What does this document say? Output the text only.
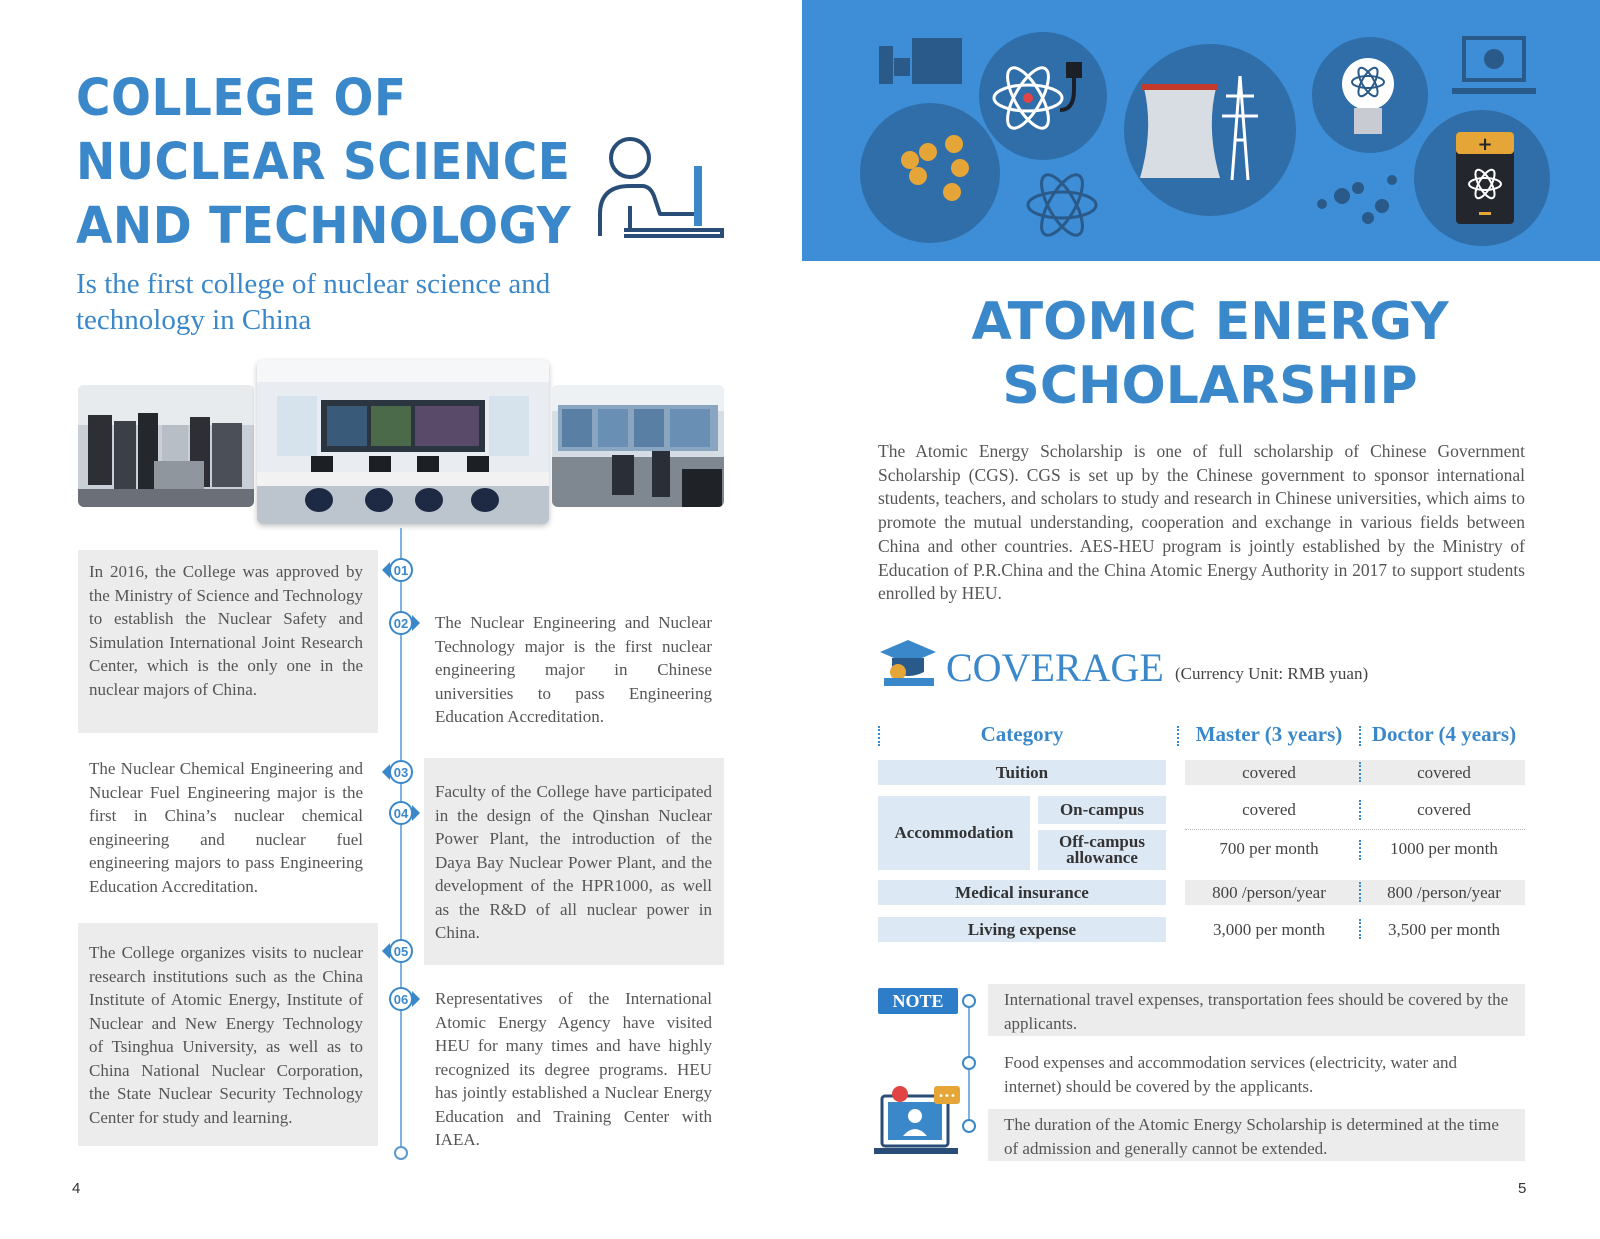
COLLEGE OF
NUCLEAR SCIENCE
AND TECHNOLOGY
Is the first college of nuclear science and technology in China
In 2016, the College was approved by the Ministry of Science and Technology to establish the Nuclear Safety and Simulation International Joint Research Center, which is the only one in the nuclear majors of China.
01
02 The Nuclear Engineering and Nuclear Technology major is the first nuclear engineering major in Chinese universities to pass Engineering Education Accreditation.
03
The Nuclear Chemical Engineering and Nuclear Fuel Engineering major is the first in China’s nuclear chemical engineering and nuclear fuel engineering majors to pass Engineering Education Accreditation.
04
Faculty of the College have participated in the design of the Qinshan Nuclear Power Plant, the introduction of the Daya Bay Nuclear Power Plant, and the development of the HPR1000, as well as the R&D of all nuclear power in China.
05
The College organizes visits to nuclear research institutions such as the China Institute of Atomic Energy, Institute of Nuclear and New Energy Technology of Tsinghua University, as well as to China National Nuclear Corporation, the State Nuclear Security Technology Center for study and learning.
06 Representatives of the International Atomic Energy Agency have visited HEU for many times and have highly recognized its degree programs. HEU has jointly established a Nuclear Energy Education and Training Center with IAEA.
4
+
ATOMIC ENERGY
SCHOLARSHIP
The Atomic Energy Scholarship is one of full scholarship of Chinese Government Scholarship (CGS). CGS is set up by the Chinese government to sponsor international students, teachers, and scholars to study and research in Chinese universities, which aims to promote the mutual understanding, cooperation and exchange in various fields between China and other countries. AES-HEU program is jointly established by the Ministry of Education of P.R.China and the China Atomic Energy Authority in 2017 to support students enrolled by HEU.
COVERAGE (Currency Unit: RMB yuan)
Category	Master (3 years)	Doctor (4 years)
Tuition	covered	covered
Accommodation
On-campus	covered	covered
Off-campus
allowance	700 per month	1000 per month
Medical insurance	800 /person/year	800 /person/year
Living expense	3,000 per month	3,500 per month
NOTE	International travel expenses, transportation fees should be covered by the applicants.
Food expenses and accommodation services (electricity, water and internet) should be covered by the applicants.
The duration of the Atomic Energy Scholarship is determined at the time of admission and generally cannot be extended.
•••
5
